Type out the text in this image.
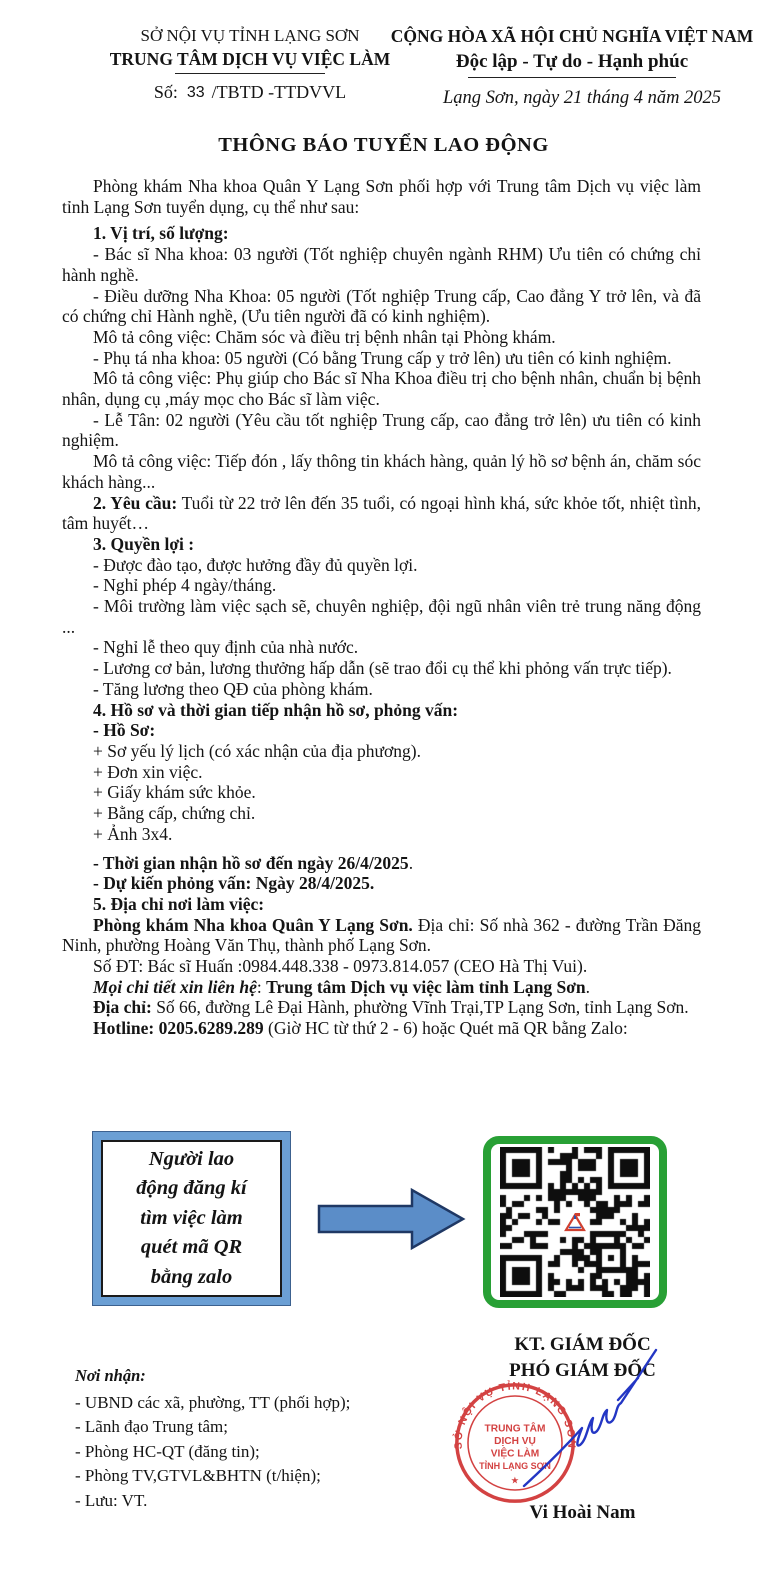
SỞ NỘI VỤ TỈNH LẠNG SƠN
TRUNG TÂM DỊCH VỤ VIỆC LÀM
Số: 33 /TBTD -TTDVVL
CỘNG HÒA XÃ HỘI CHỦ NGHĨA VIỆT NAM
Độc lập - Tự do - Hạnh phúc
Lạng Sơn, ngày 21 tháng 4 năm 2025
THÔNG BÁO TUYỂN LAO ĐỘNG

Phòng khám Nha khoa Quân Y Lạng Sơn phối hợp với Trung tâm Dịch vụ việc làm tỉnh Lạng Sơn tuyển dụng, cụ thể như sau:

1. Vị trí, số lượng:

- Bác sĩ Nha khoa: 03 người (Tốt nghiệp chuyên ngành RHM) Ưu tiên có chứng chỉ hành nghề.

- Điều dưỡng Nha Khoa: 05 người (Tốt nghiệp Trung cấp, Cao đẳng Y trở lên, và đã có chứng chỉ Hành nghề, (Ưu tiên người đã có kinh nghiệm).

Mô tả công việc: Chăm sóc và điều trị bệnh nhân tại Phòng khám.

- Phụ tá nha khoa: 05 người (Có bằng Trung cấp y trở lên) ưu tiên có kinh nghiệm.

Mô tả công việc: Phụ giúp cho Bác sĩ Nha Khoa điều trị cho bệnh nhân, chuẩn bị bệnh nhân, dụng cụ ,máy mọc cho Bác sĩ làm việc.

- Lễ Tân: 02 người (Yêu cầu tốt nghiệp Trung cấp, cao đẳng trở lên) ưu tiên có kinh nghiệm.

Mô tả công việc: Tiếp đón , lấy thông tin khách hàng, quản lý hồ sơ bệnh án, chăm sóc khách hàng...

2. Yêu cầu: Tuổi từ 22 trở lên đến 35 tuổi, có ngoại hình khá, sức khỏe tốt, nhiệt tình, tâm huyết…

3. Quyền lợi :

- Được đào tạo, được hưởng đầy đủ quyền lợi.

- Nghỉ phép 4 ngày/tháng.

- Môi trường làm việc sạch sẽ, chuyên nghiệp, đội ngũ nhân viên trẻ trung năng động ...

- Nghỉ lễ theo quy định của nhà nước.

- Lương cơ bản, lương thưởng hấp dẫn (sẽ trao đổi cụ thể khi phỏng vấn trực tiếp).

- Tăng lương theo QĐ của phòng khám.

4. Hồ sơ và thời gian tiếp nhận hồ sơ, phỏng vấn:

- Hồ Sơ:

+ Sơ yếu lý lịch (có xác nhận của địa phương).

+ Đơn xin việc.

+ Giấy khám sức khỏe.

+ Bằng cấp, chứng chỉ.

+ Ảnh 3x4.

- Thời gian nhận hồ sơ đến ngày 26/4/2025.

- Dự kiến phỏng vấn: Ngày 28/4/2025.

5. Địa chỉ nơi làm việc:

Phòng khám Nha khoa Quân Y Lạng Sơn. Địa chỉ: Số nhà 362 - đường Trần Đăng Ninh, phường Hoàng Văn Thụ, thành phố Lạng Sơn.

Số ĐT: Bác sĩ Huấn :0984.448.338 - 0973.814.057 (CEO Hà Thị Vui).

Mọi chi tiết xin liên hệ: Trung tâm Dịch vụ việc làm tỉnh Lạng Sơn.

Địa chỉ: Số 66, đường Lê Đại Hành, phường Vĩnh Trại,TP Lạng Sơn, tỉnh Lạng Sơn.

Hotline: 0205.6289.289 (Giờ HC từ thứ 2 - 6) hoặc Quét mã QR bằng Zalo:

Người lao
động đăng kí
tìm việc làm
quét mã QR
bằng zalo
KT. GIÁM ĐỐC
PHÓ GIÁM ĐỐC
SỞ NỘI VỤ TỈNH LẠNG SƠN
TRUNG TÂM
DỊCH VỤ
VIỆC LÀM
TỈNH LẠNG SƠN
★
Vi Hoài Nam
Nơi nhận:
- UBND các xã, phường, TT (phối hợp);
- Lãnh đạo Trung tâm;
- Phòng HC-QT (đăng tin);
- Phòng TV,GTVL&BHTN (t/hiện);
- Lưu: VT.
